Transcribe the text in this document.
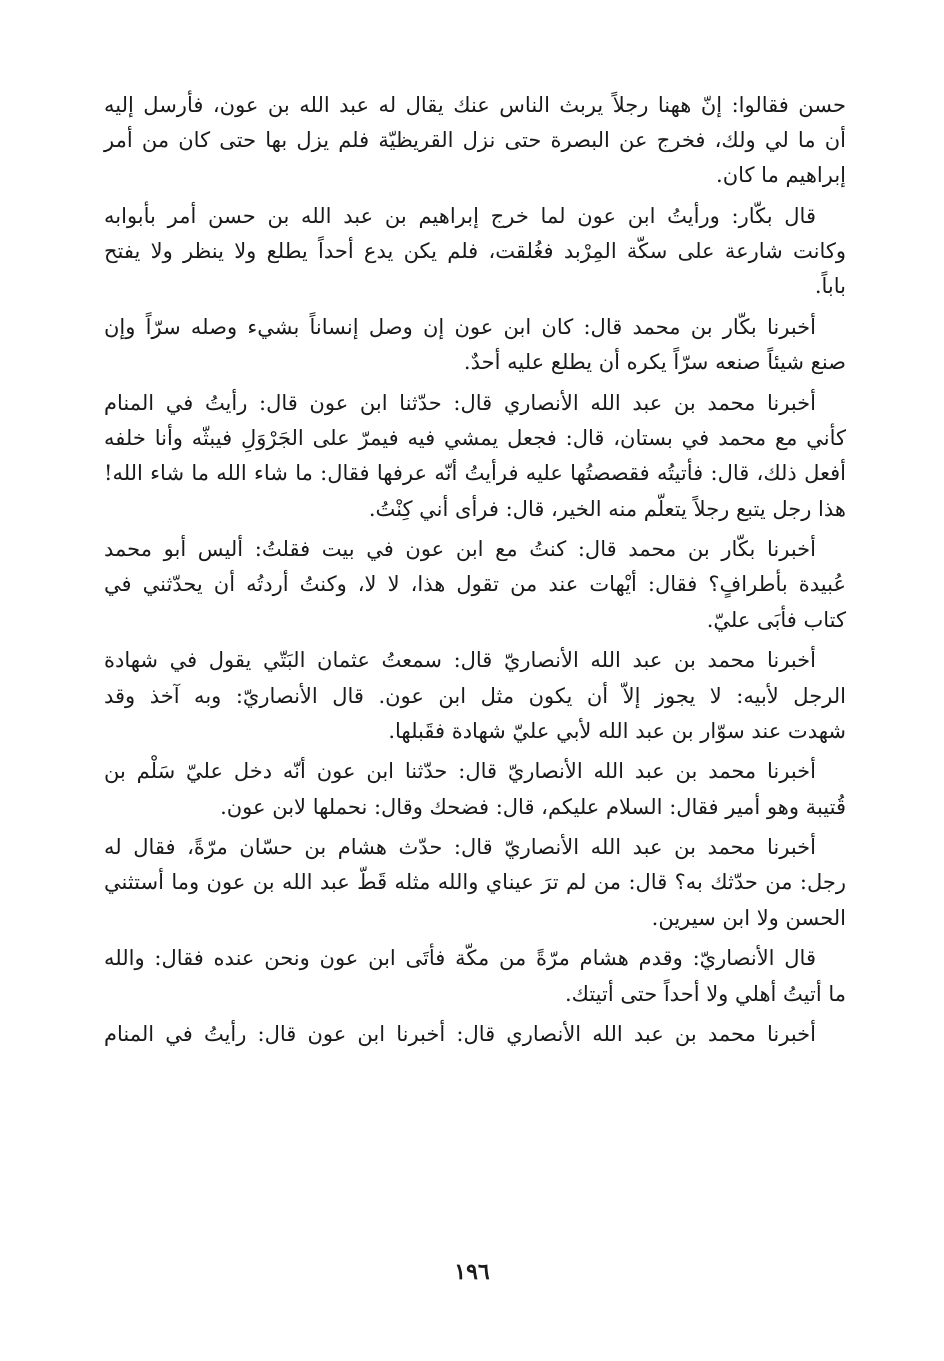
حسن فقالوا: إنّ ههنا رجلاً يربث الناس عنك يقال له عبد الله بن عون، فأرسل إليه
أن ما لي ولك، فخرج عن البصرة حتى نزل القريظيّة فلم يزل بها حتى كان من أمر
إبراهيم ما كان.
قال بكّار: ورأيتُ ابن عون لما خرج إبراهيم بن عبد الله بن حسن أمر بأبوابه
وكانت شارعة على سكّة المِرْبد فغُلقت، فلم يكن يدع أحداً يطلع ولا ينظر ولا يفتح
باباً.
أخبرنا بكّار بن محمد قال: كان ابن عون إن وصل إنساناً بشيء وصله سرّاً وإن
صنع شيئاً صنعه سرّاً يكره أن يطلع عليه أحدٌ.
أخبرنا محمد بن عبد الله الأنصاري قال: حدّثنا ابن عون قال: رأيتُ في المنام
كأني مع محمد في بستان، قال: فجعل يمشي فيه فيمرّ على الجَرْوَلِ فيبثّه وأنا خلفه
أفعل ذلك، قال: فأتيتُه فقصصتُها عليه فرأيتُ أنّه عرفها فقال: ما شاء الله ما شاء الله!
هذا رجل يتبع رجلاً يتعلّم منه الخير، قال: فرأى أني كِنْتُ.
أخبرنا بكّار بن محمد قال: كنتُ مع ابن عون في بيت فقلتُ: أليس أبو محمد
عُبيدة بأطرافٍ؟ فقال: أيْهات عند من تقول هذا، لا لا، وكنتُ أردتُه أن يحدّثني في
كتاب فأبَى عليّ.
أخبرنا محمد بن عبد الله الأنصاريّ قال: سمعتُ عثمان البَتّي يقول في شهادة
الرجل لأبيه: لا يجوز إلاّ أن يكون مثل ابن عون. قال الأنصاريّ: وبه آخذ وقد
شهدت عند سوّار بن عبد الله لأبي عليّ شهادة فقَبلها.
أخبرنا محمد بن عبد الله الأنصاريّ قال: حدّثنا ابن عون أنّه دخل عليّ سَلْم بن
قُتيبة وهو أمير فقال: السلام عليكم، قال: فضحك وقال: نحملها لابن عون.
أخبرنا محمد بن عبد الله الأنصاريّ قال: حدّث هشام بن حسّان مرّةً، فقال له
رجل: من حدّثك به؟ قال: من لم ترَ عيناي والله مثله قَطّ عبد الله بن عون وما أستثني
الحسن ولا ابن سيرين.
قال الأنصاريّ: وقدم هشام مرّةً من مكّة فأتَى ابن عون ونحن عنده فقال: والله
ما أتيتُ أهلي ولا أحداً حتى أتيتك.
أخبرنا محمد بن عبد الله الأنصاري قال: أخبرنا ابن عون قال: رأيتُ في المنام
١٩٦
